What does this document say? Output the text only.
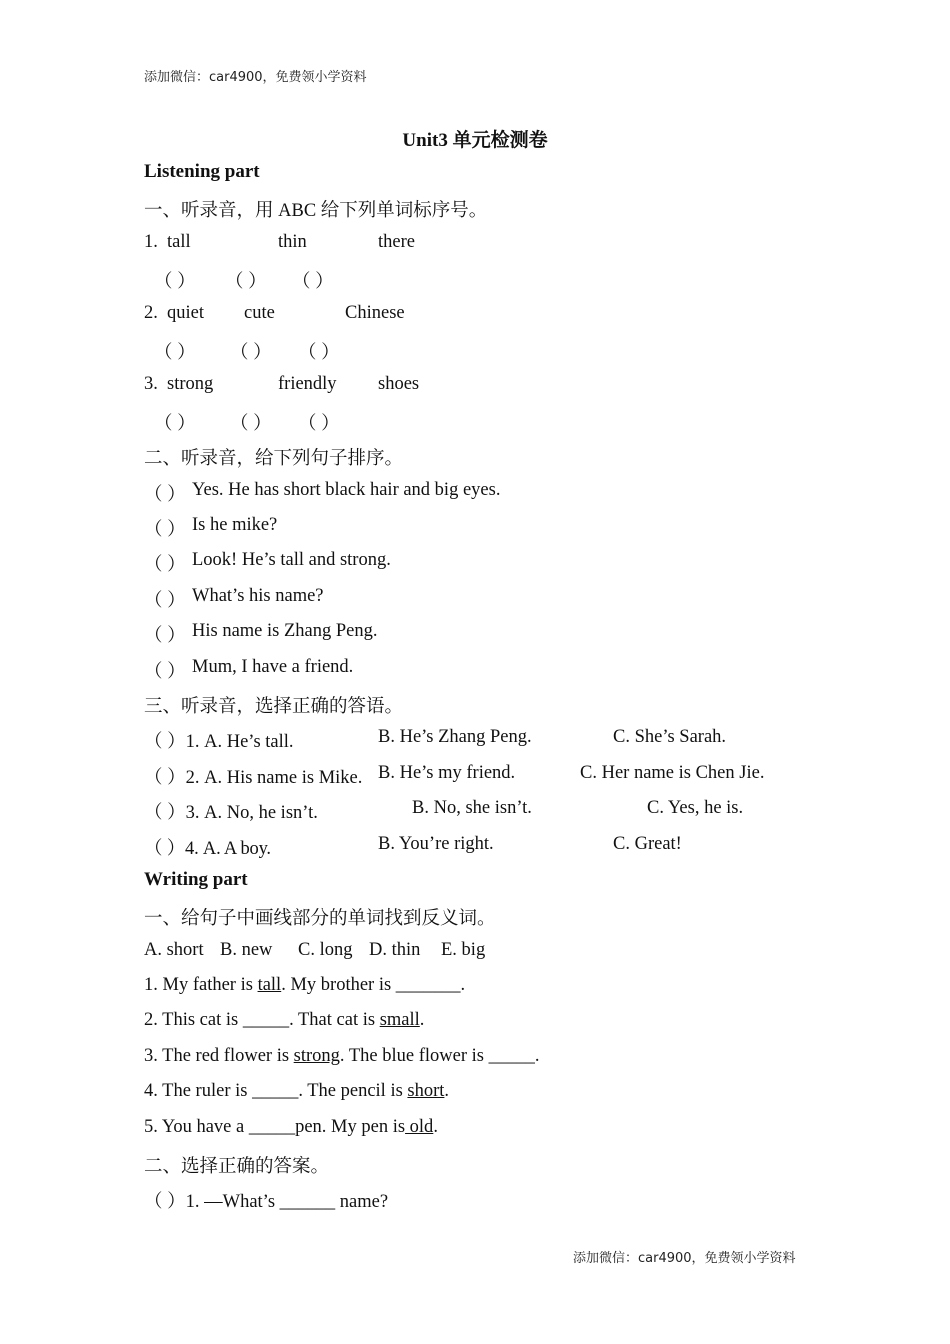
添加微信：car4900，免费领小学资料
Unit3 单元检测卷
Listening part
一、听录音，用 ABC 给下列单词标序号。
1. tall	thin	there
（ ） （ ） （ ）
2. quiet cute	Chinese
（ ） （ ） （ ）
3. strong	friendly shoes
（ ） （ ） （ ）
二、听录音，给下列句子排序。
（ ） Yes. He has short black hair and big eyes.
（ ） Is he mike?
（ ） Look! He’s tall and strong.
（ ） What’s his name?
（ ） His name is Zhang Peng.
（ ） Mum, I have a friend.
三、听录音，选择正确的答语。
（ ）1. A. He’s tall.	B. He’s Zhang Peng.	C. She’s Sarah.
（ ）2. A. His name is Mike. B. He’s my friend.	C. Her name is Chen Jie.
（ ）3. A. No, he isn’t.	B. No, she isn’t.	C. Yes, he is.
（ ）4. A. A boy.	B. You’re right.	C. Great!
Writing part
一、给句子中画线部分的单词找到反义词。
A. short B. new C. long D. thin E. big
1. My father is tall. My brother is _______.
2. This cat is _____. That cat is small.
3. The red flower is strong. The blue flower is _____.
4. The ruler is _____. The pencil is short.
5. You have a _____pen. My pen is old.
二、选择正确的答案。
（ ）1. —What’s ______ name?
添加微信：car4900，免费领小学资料
